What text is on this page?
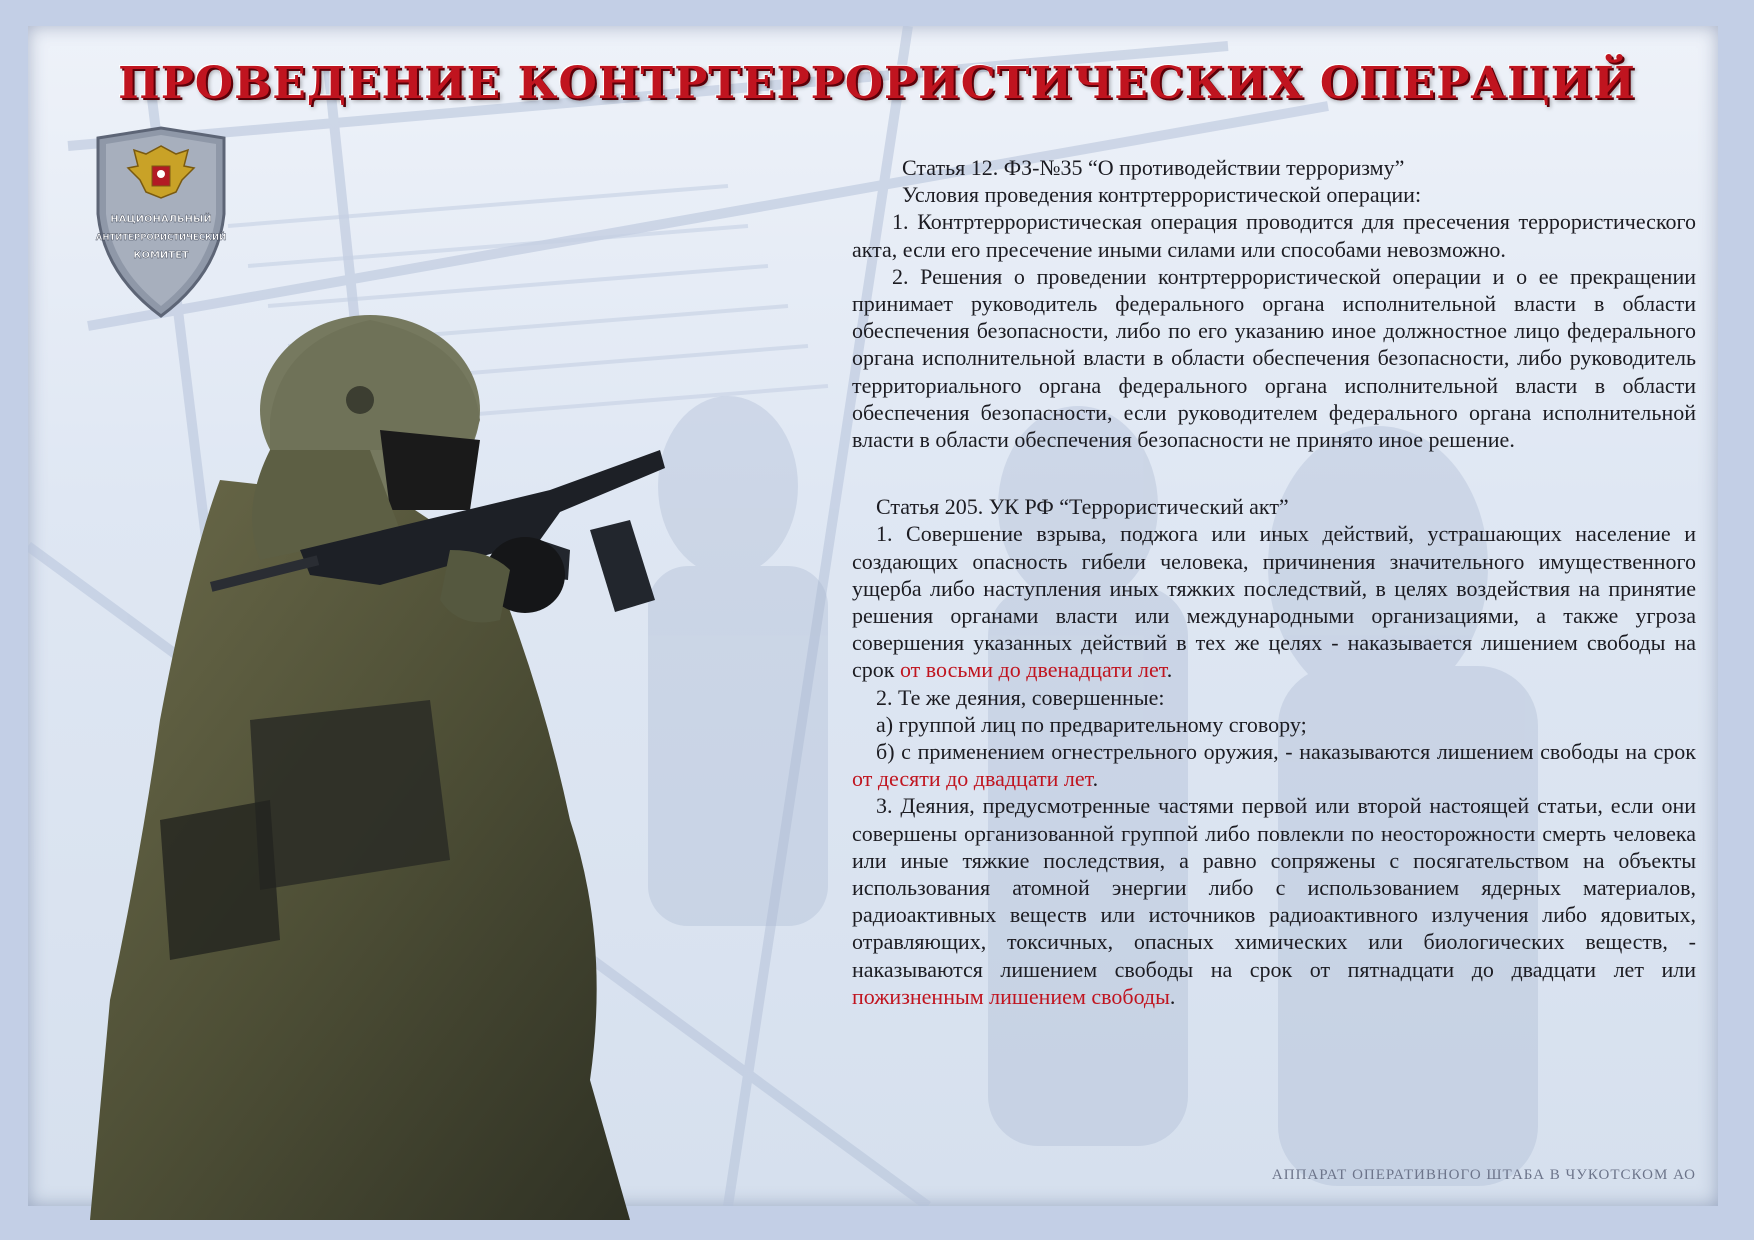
ПРОВЕДЕНИЕ КОНТРТЕРРОРИСТИЧЕСКИХ ОПЕРАЦИЙ
НАЦИОНАЛЬНЫЙ
АНТИТЕРРОРИСТИЧЕСКИЙ
КОМИТЕТ

Статья 12. ФЗ-№35 “О противодействии терроризму”

Условия проведения контртеррористической операции:

1. Контртеррористическая операция проводится для пресечения террористического акта, если его пресечение иными силами или способами невозможно.

2. Решения о проведении контртеррористической операции и о ее прекращении принимает руководитель федерального органа исполнительной власти в области обеспечения безопасности, либо по его указанию иное должностное лицо федерального органа исполнительной власти в области обеспечения безопасности, либо руководитель территориального органа федерального органа исполнительной власти в области обеспечения безопасности, если руководителем федерального органа исполнительной власти в области обеспечения безопасности не принято иное решение.

Статья 205. УК РФ “Террористический акт”

1. Совершение взрыва, поджога или иных действий, устрашающих население и создающих опасность гибели человека, причинения значительного имущественного ущерба либо наступления иных тяжких последствий, в целях воздействия на принятие решения органами власти или международными организациями, а также угроза совершения указанных действий в тех же целях - наказывается лишением свободы на срок от восьми до двенадцати лет.

2. Те же деяния, совершенные:

а) группой лиц по предварительному сговору;

б) с применением огнестрельного оружия, - наказываются лишением свободы на срок от десяти до двадцати лет.

3. Деяния, предусмотренные частями первой или второй настоящей статьи, если они совершены организованной группой либо повлекли по неосторожности смерть человека или иные тяжкие последствия, а равно сопряжены с посягательством на объекты использования атомной энергии либо с использованием ядерных материалов, радиоактивных веществ или источников радиоактивного излучения либо ядовитых, отравляющих, токсичных, опасных химических или биологических веществ, - наказываются лишением свободы на срок от пятнадцати до двадцати лет или пожизненным лишением свободы.

АППАРАТ ОПЕРАТИВНОГО ШТАБА В ЧУКОТСКОМ АО
